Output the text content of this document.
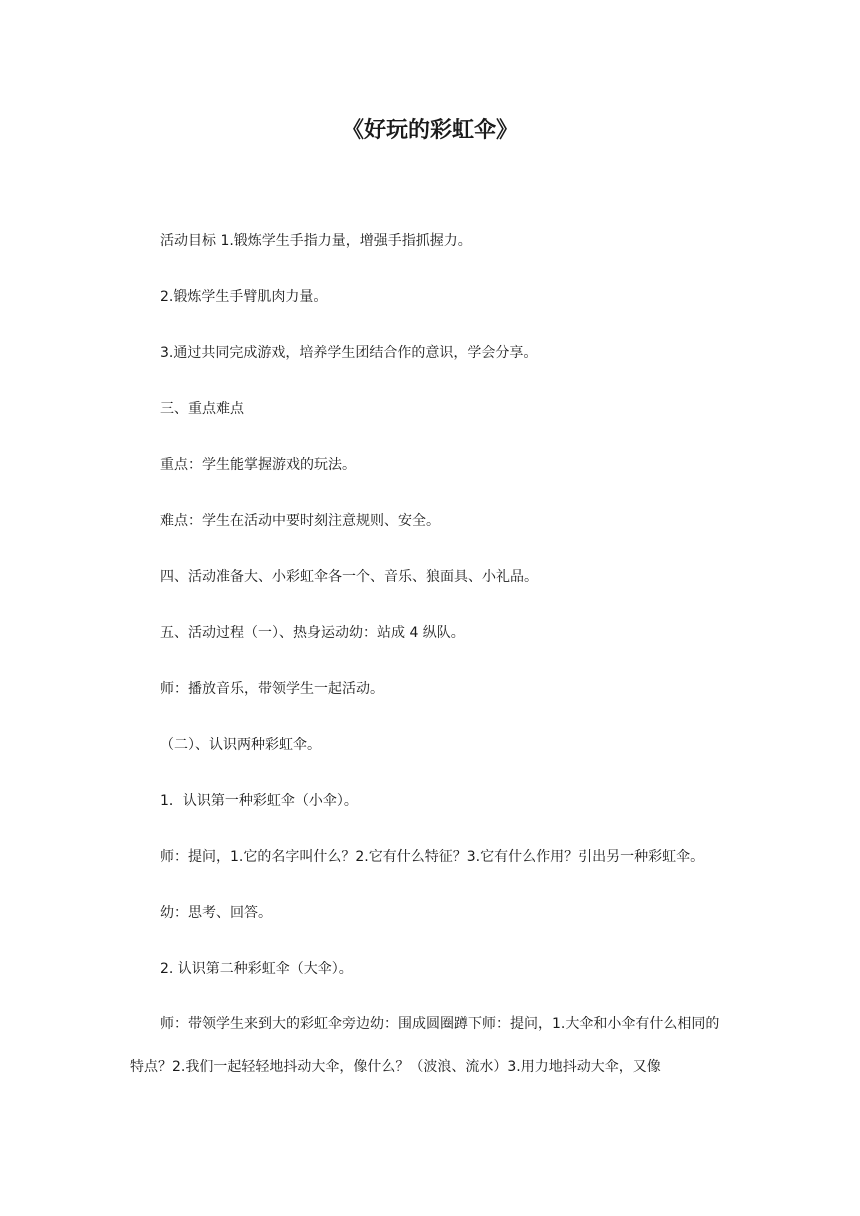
《好玩的彩虹伞》

活动目标 1.锻炼学生手指力量，增强手指抓握力。

2.锻炼学生手臂肌肉力量。

3.通过共同完成游戏，培养学生团结合作的意识，学会分享。

三、重点难点

重点：学生能掌握游戏的玩法。

难点：学生在活动中要时刻注意规则、安全。

四、活动准备大、小彩虹伞各一个、音乐、狼面具、小礼品。

五、活动过程（一）、热身运动幼：站成 4 纵队。

师：播放音乐，带领学生一起活动。

（二）、认识两种彩虹伞。

1．认识第一种彩虹伞（小伞）。

师：提问，1.它的名字叫什么？2.它有什么特征？3.它有什么作用？引出另一种彩虹伞。

幼：思考、回答。

2. 认识第二种彩虹伞（大伞）。

师：带领学生来到大的彩虹伞旁边幼：围成圆圈蹲下师：提问，1.大伞和小伞有什么相同的特点？2.我们一起轻轻地抖动大伞，像什么？（波浪、流水）3.用力地抖动大伞，又像
